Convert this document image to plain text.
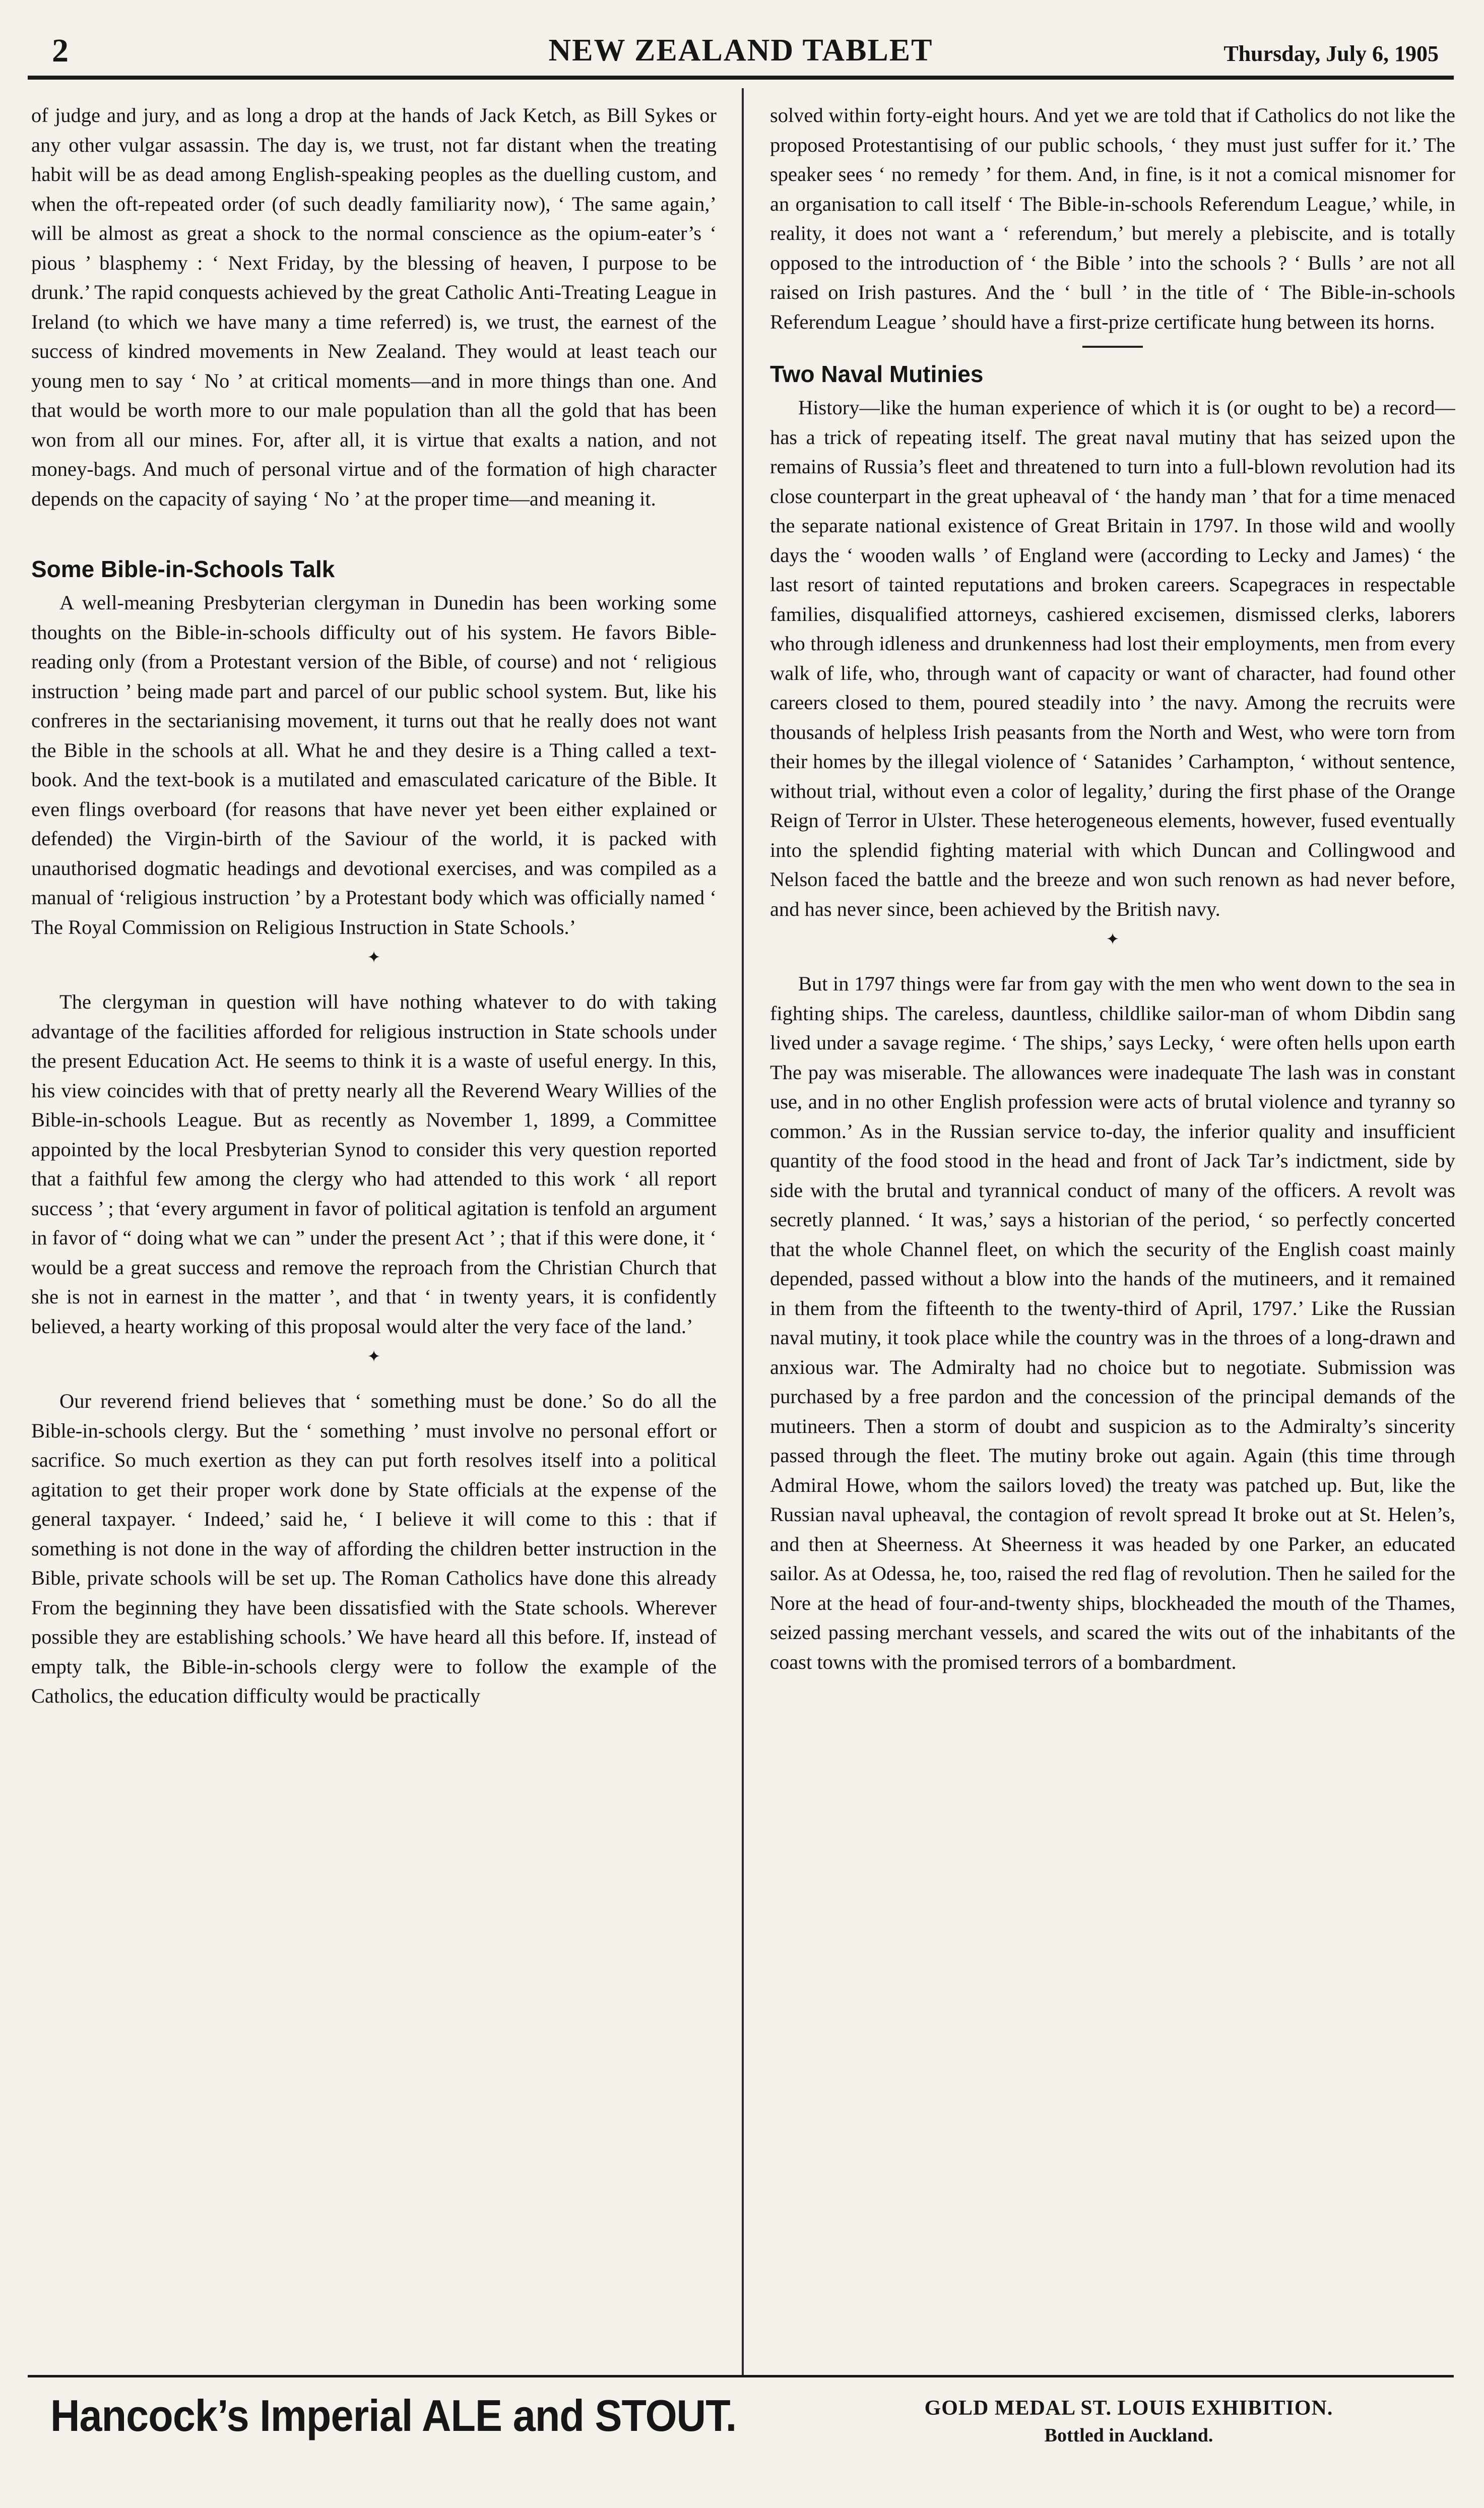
2	NEW ZEALAND TABLET	Thursday, July 6, 1905

of judge and jury, and as long a drop at the hands of Jack Ketch, as Bill Sykes or any other vulgar assassin. The day is, we trust, not far distant when the treating habit will be as dead among English-speaking peoples as the duelling custom, and when the oft-repeated order (of such deadly familiarity now), ‘ The same again,’ will be almost as great a shock to the normal conscience as the opium-eater’s ‘ pious ’ blasphemy : ‘ Next Friday, by the blessing of heaven, I purpose to be drunk.’ The rapid conquests achieved by the great Catholic Anti-Treating League in Ireland (to which we have many a time referred) is, we trust, the earnest of the success of kindred movements in New Zealand. They would at least teach our young men to say ‘ No ’ at critical moments—and in more things than one. And that would be worth more to our male population than all the gold that has been won from all our mines. For, after all, it is virtue that exalts a nation, and not money-bags. And much of personal virtue and of the formation of high character depends on the capacity of saying ‘ No ’ at the proper time—and meaning it.

Some Bible-in-Schools Talk

A well-meaning Presbyterian clergyman in Dunedin has been working some thoughts on the Bible-in-schools difficulty out of his system. He favors Bible-reading only (from a Protestant version of the Bible, of course) and not ‘ religious instruction ’ being made part and parcel of our public school system. But, like his confreres in the sectarianising movement, it turns out that he really does not want the Bible in the schools at all. What he and they desire is a Thing called a text-book. And the text-book is a mutilated and emasculated caricature of the Bible. It even flings overboard (for reasons that have never yet been either explained or defended) the Virgin-birth of the Saviour of the world, it is packed with unauthorised dogmatic headings and devotional exercises, and was compiled as a manual of ‘religious instruction ’ by a Protestant body which was officially named ‘ The Royal Commission on Religious Instruction in State Schools.’

✦

The clergyman in question will have nothing whatever to do with taking advantage of the facilities afforded for religious instruction in State schools under the present Education Act. He seems to think it is a waste of useful energy. In this, his view coincides with that of pretty nearly all the Reverend Weary Willies of the Bible-in-schools League. But as recently as November 1, 1899, a Committee appointed by the local Presbyterian Synod to consider this very question reported that a faithful few among the clergy who had attended to this work ‘ all report success ’ ; that ‘every argument in favor of political agitation is tenfold an argument in favor of “ doing what we can ” under the present Act ’ ; that if this were done, it ‘ would be a great success and remove the reproach from the Christian Church that she is not in earnest in the matter ’, and that ‘ in twenty years, it is confidently believed, a hearty working of this proposal would alter the very face of the land.’

✦

Our reverend friend believes that ‘ something must be done.’ So do all the Bible-in-schools clergy. But the ‘ something ’ must involve no personal effort or sacrifice. So much exertion as they can put forth resolves itself into a political agitation to get their proper work done by State officials at the expense of the general taxpayer. ‘ Indeed,’ said he, ‘ I believe it will come to this : that if something is not done in the way of affording the children better instruction in the Bible, private schools will be set up. The Roman Catholics have done this already From the beginning they have been dissatisfied with the State schools. Wherever possible they are establishing schools.’ We have heard all this before. If, instead of empty talk, the Bible-in-schools clergy were to follow the example of the Catholics, the education difficulty would be practically

solved within forty-eight hours. And yet we are told that if Catholics do not like the proposed Protestantising of our public schools, ‘ they must just suffer for it.’ The speaker sees ‘ no remedy ’ for them. And, in fine, is it not a comical misnomer for an organisation to call itself ‘ The Bible-in-schools Referendum League,’ while, in reality, it does not want a ‘ referendum,’ but merely a plebiscite, and is totally opposed to the introduction of ‘ the Bible ’ into the schools ? ‘ Bulls ’ are not all raised on Irish pastures. And the ‘ bull ’ in the title of ‘ The Bible-in-schools Referendum League ’ should have a first-prize certificate hung between its horns.

Two Naval Mutinies

History—like the human experience of which it is (or ought to be) a record—has a trick of repeating itself. The great naval mutiny that has seized upon the remains of Russia’s fleet and threatened to turn into a full-blown revolution had its close counterpart in the great upheaval of ‘ the handy man ’ that for a time menaced the separate national existence of Great Britain in 1797. In those wild and woolly days the ‘ wooden walls ’ of England were (according to Lecky and James) ‘ the last resort of tainted reputations and broken careers. Scapegraces in respectable families, disqualified attorneys, cashiered excisemen, dismissed clerks, laborers who through idleness and drunkenness had lost their employments, men from every walk of life, who, through want of capacity or want of character, had found other careers closed to them, poured steadily into ’ the navy. Among the recruits were thousands of helpless Irish peasants from the North and West, who were torn from their homes by the illegal violence of ‘ Satanides ’ Carhampton, ‘ without sentence, without trial, without even a color of legality,’ during the first phase of the Orange Reign of Terror in Ulster. These heterogeneous elements, however, fused eventually into the splendid fighting material with which Duncan and Collingwood and Nelson faced the battle and the breeze and won such renown as had never before, and has never since, been achieved by the British navy.

✦

But in 1797 things were far from gay with the men who went down to the sea in fighting ships. The careless, dauntless, childlike sailor-man of whom Dibdin sang lived under a savage regime. ‘ The ships,’ says Lecky, ‘ were often hells upon earth The pay was miserable. The allowances were inadequate The lash was in constant use, and in no other English profession were acts of brutal violence and tyranny so common.’ As in the Russian service to-day, the inferior quality and insufficient quantity of the food stood in the head and front of Jack Tar’s indictment, side by side with the brutal and tyrannical conduct of many of the officers. A revolt was secretly planned. ‘ It was,’ says a historian of the period, ‘ so perfectly concerted that the whole Channel fleet, on which the security of the English coast mainly depended, passed without a blow into the hands of the mutineers, and it remained in them from the fifteenth to the twenty-third of April, 1797.’ Like the Russian naval mutiny, it took place while the country was in the throes of a long-drawn and anxious war. The Admiralty had no choice but to negotiate. Submission was purchased by a free pardon and the concession of the principal demands of the mutineers. Then a storm of doubt and suspicion as to the Admiralty’s sincerity passed through the fleet. The mutiny broke out again. Again (this time through Admiral Howe, whom the sailors loved) the treaty was patched up. But, like the Russian naval upheaval, the contagion of revolt spread It broke out at St. Helen’s, and then at Sheerness. At Sheerness it was headed by one Parker, an educated sailor. As at Odessa, he, too, raised the red flag of revolution. Then he sailed for the Nore at the head of four-and-twenty ships, blockheaded the mouth of the Thames, seized passing merchant vessels, and scared the wits out of the inhabitants of the coast towns with the promised terrors of a bombardment.

Hancock’s Imperial ALE and STOUT.	GOLD MEDAL ST. LOUIS EXHIBITION.
Bottled in Auckland.
